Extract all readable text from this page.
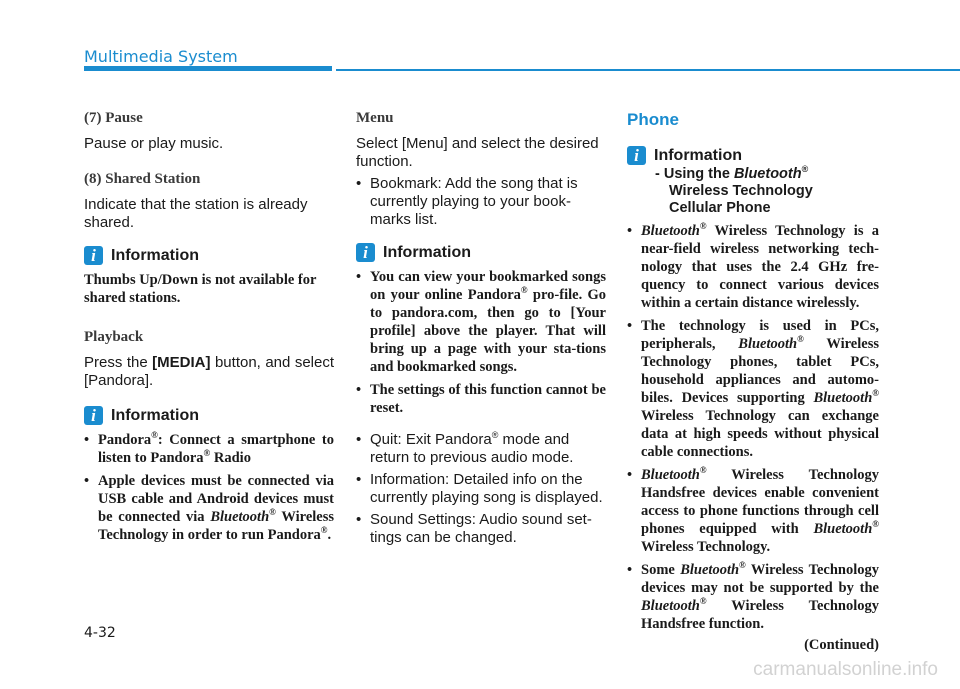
Multimedia System

(7) Pause

Pause or play music.

(8) Shared Station

Indicate that the station is already shared.

i Information

Thumbs Up/Down is not available for shared stations.

Playback

Press the [MEDIA] button, and select [Pandora].

i Information
• Pandora®: Connect a smartphone to listen to Pandora® Radio
• Apple devices must be connected via USB cable and Android devices must be connected via Bluetooth® Wireless Technology in order to run Pandora®.

Menu

Select [Menu] and select the desired function.

• Bookmark: Add the song that is currently playing to your book-marks list.
i Information
• You can view your bookmarked songs on your online Pandora® pro-file. Go to pandora.com, then go to [Your profile] above the player. That will bring up a page with your sta-tions and bookmarked songs.
• The settings of this function cannot be reset.
• Quit: Exit Pandora® mode and return to previous audio mode.
• Information: Detailed info on the currently playing song is displayed.
• Sound Settings: Audio sound set-tings can be changed.

Phone

i Information

- Using the Bluetooth®

Wireless Technology

Cellular Phone

• Bluetooth® Wireless Technology is a near-field wireless networking tech-nology that uses the 2.4 GHz fre-quency to connect various devices within a certain distance wirelessly.
• The technology is used in PCs, peripherals, Bluetooth® Wireless Technology phones, tablet PCs, household appliances and automo-biles. Devices supporting Bluetooth® Wireless Technology can exchange data at high speeds without physical cable connections.
• Bluetooth® Wireless Technology Handsfree devices enable convenient access to phone functions through cell phones equipped with Bluetooth® Wireless Technology.
• Some Bluetooth® Wireless Technology devices may not be supported by the Bluetooth® Wireless Technology Handsfree function.

(Continued)

4-32
carmanualsonline.info
